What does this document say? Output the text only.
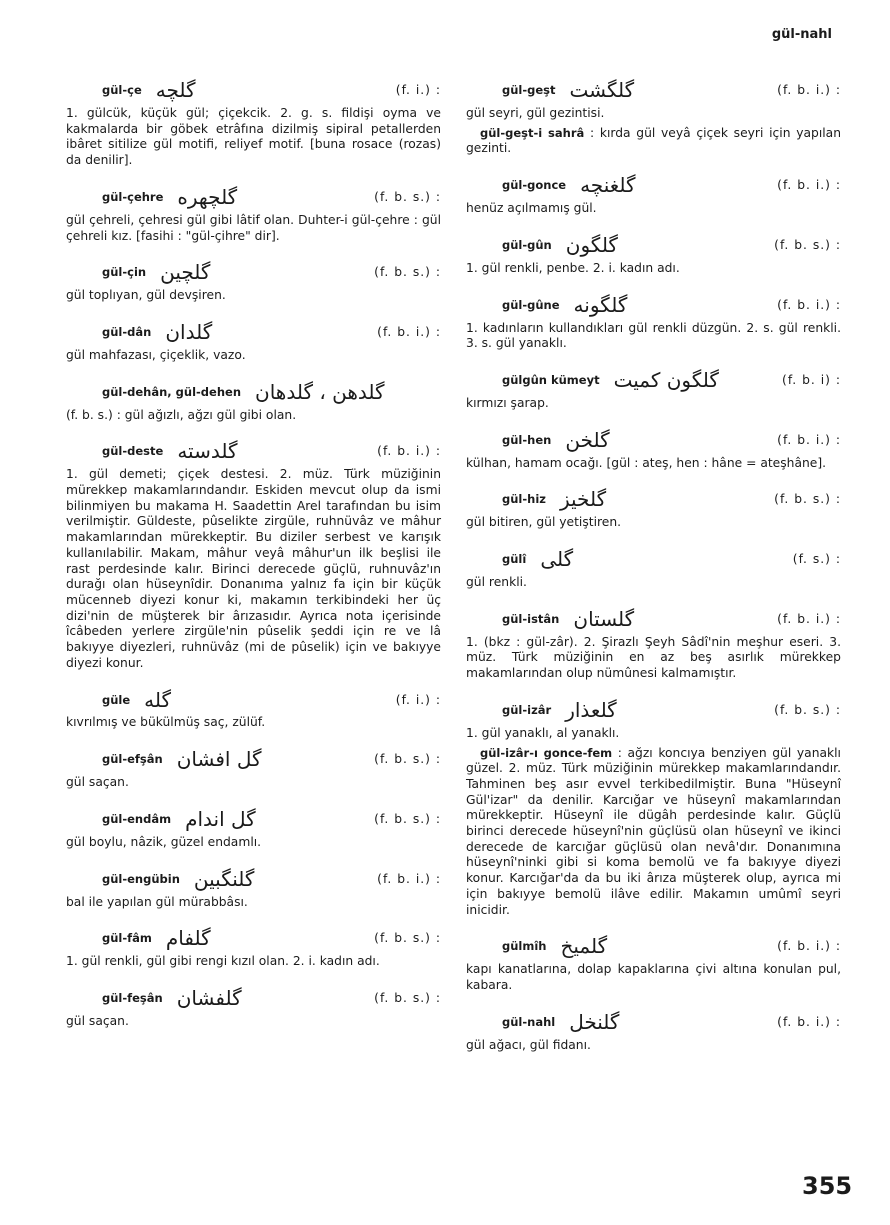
gül-nahl
gül-çe گلچه	(f. i.) :

1. gülcük, küçük gül; çiçekcik. 2. g. s. fildişi oyma ve kakmalarda bir göbek etrâfına dizilmiş sipiral petallerden ibâret sitilize gül motifi, reliyef motif. [buna rosace (rozas) da denilir].

gül-çehre گلچهره	(f. b. s.) :

gül çehreli, çehresi gül gibi lâtif olan. Duhter-i gül-çehre : gül çehreli kız. [fasihi : "gül-çihre" dir].

gül-çin گلچین	(f. b. s.) :

gül toplıyan, gül devşiren.

gül-dân گلدان	(f. b. i.) :

gül mahfazası, çiçeklik, vazo.

gül-dehân, gül-dehen گلدهن ، گلدهان

(f. b. s.) : gül ağızlı, ağzı gül gibi olan.

gül-deste گلدسته	(f. b. i.) :

1. gül demeti; çiçek destesi. 2. müz. Türk müziğinin mürekkep makamlarındandır. Eskiden mevcut olup da ismi bilinmiyen bu makama H. Saadettin Arel tarafından bu isim verilmiştir. Güldeste, pûselikte zirgüle, ruhnüvâz ve mâhur makamlarından mürekkeptir. Bu diziler serbest ve karışık kullanılabilir. Makam, mâhur veyâ mâhur'un ilk beşlisi ile rast perdesinde kalır. Birinci derecede güçlü, ruhnuvâz'ın durağı olan hüseynîdir. Donanıma yalnız fa için bir küçük mücenneb diyezi konur ki, makamın terkibindeki her üç dizi'nin de müşterek bir ârızasıdır. Ayrıca nota içerisinde îcâbeden yerlere zirgüle'nin pûselik şeddi için re ve lâ bakıyye diyezleri, ruhnüvâz (mi de pûselik) için ve bakıyye diyezi konur.

güle گله	(f. i.) :

kıvrılmış ve bükülmüş saç, zülüf.

gül-efşân گل افشان	(f. b. s.) :

gül saçan.

gül-endâm گل اندام	(f. b. s.) :

gül boylu, nâzik, güzel endamlı.

gül-engübin گلنگبین	(f. b. i.) :

bal ile yapılan gül mürabbâsı.

gül-fâm گلفام	(f. b. s.) :

1. gül renkli, gül gibi rengi kızıl olan. 2. i. kadın adı.

gül-feşân گلفشان	(f. b. s.) :

gül saçan.

gül-geşt گلگشت	(f. b. i.) :

gül seyri, gül gezintisi.

gül-geşt-i sahrâ : kırda gül veyâ çiçek seyri için yapılan gezinti.

gül-gonce گلغنچه	(f. b. i.) :

henüz açılmamış gül.

gül-gûn گلگون	(f. b. s.) :

1. gül renkli, penbe. 2. i. kadın adı.

gül-gûne گلگونه	(f. b. i.) :

1. kadınların kullandıkları gül renkli düzgün. 2. s. gül renkli. 3. s. gül yanaklı.

gülgûn kümeyt گلگون کمیت	(f. b. i) :

kırmızı şarap.

gül-hen گلخن	(f. b. i.) :

külhan, hamam ocağı. [gül : ateş, hen : hâne = ateşhâne].

gül-hiz گلخیز	(f. b. s.) :

gül bitiren, gül yetiştiren.

gülî گلی	(f. s.) :

gül renkli.

gül-istân گلستان	(f. b. i.) :

1. (bkz : gül-zâr). 2. Şirazlı Şeyh Sâdî'nin meşhur eseri. 3. müz. Türk müziğinin en az beş asırlık mürekkep makamlarından olup nümûnesi kalmamıştır.

gül-izâr گلعذار	(f. b. s.) :

1. gül yanaklı, al yanaklı.

gül-izâr-ı gonce-fem : ağzı koncıya benziyen gül yanaklı güzel. 2. müz. Türk müziğinin mürekkep makamlarındandır. Tahminen beş asır evvel terkibedilmiştir. Buna "Hüseynî Gül'izar" da denilir. Karcığar ve hüseynî makamlarından mürekkeptir. Hüseynî ile dügâh perdesinde kalır. Güçlü birinci derecede hüseynî'nin güçlüsü olan hüseynî ve ikinci derecede de karcığar güçlüsü olan nevâ'dır. Donanımına hüseynî'ninki gibi si koma bemolü ve fa bakıyye diyezi konur. Karcığar'da da bu iki ârıza müşterek olup, ayrıca mi için bakıyye bemolü ilâve edilir. Makamın umûmî seyri inicidir.

gülmîh گلمیخ	(f. b. i.) :

kapı kanatlarına, dolap kapaklarına çivi altına konulan pul, kabara.

gül-nahl گلنخل	(f. b. i.) :

gül ağacı, gül fidanı.

355
